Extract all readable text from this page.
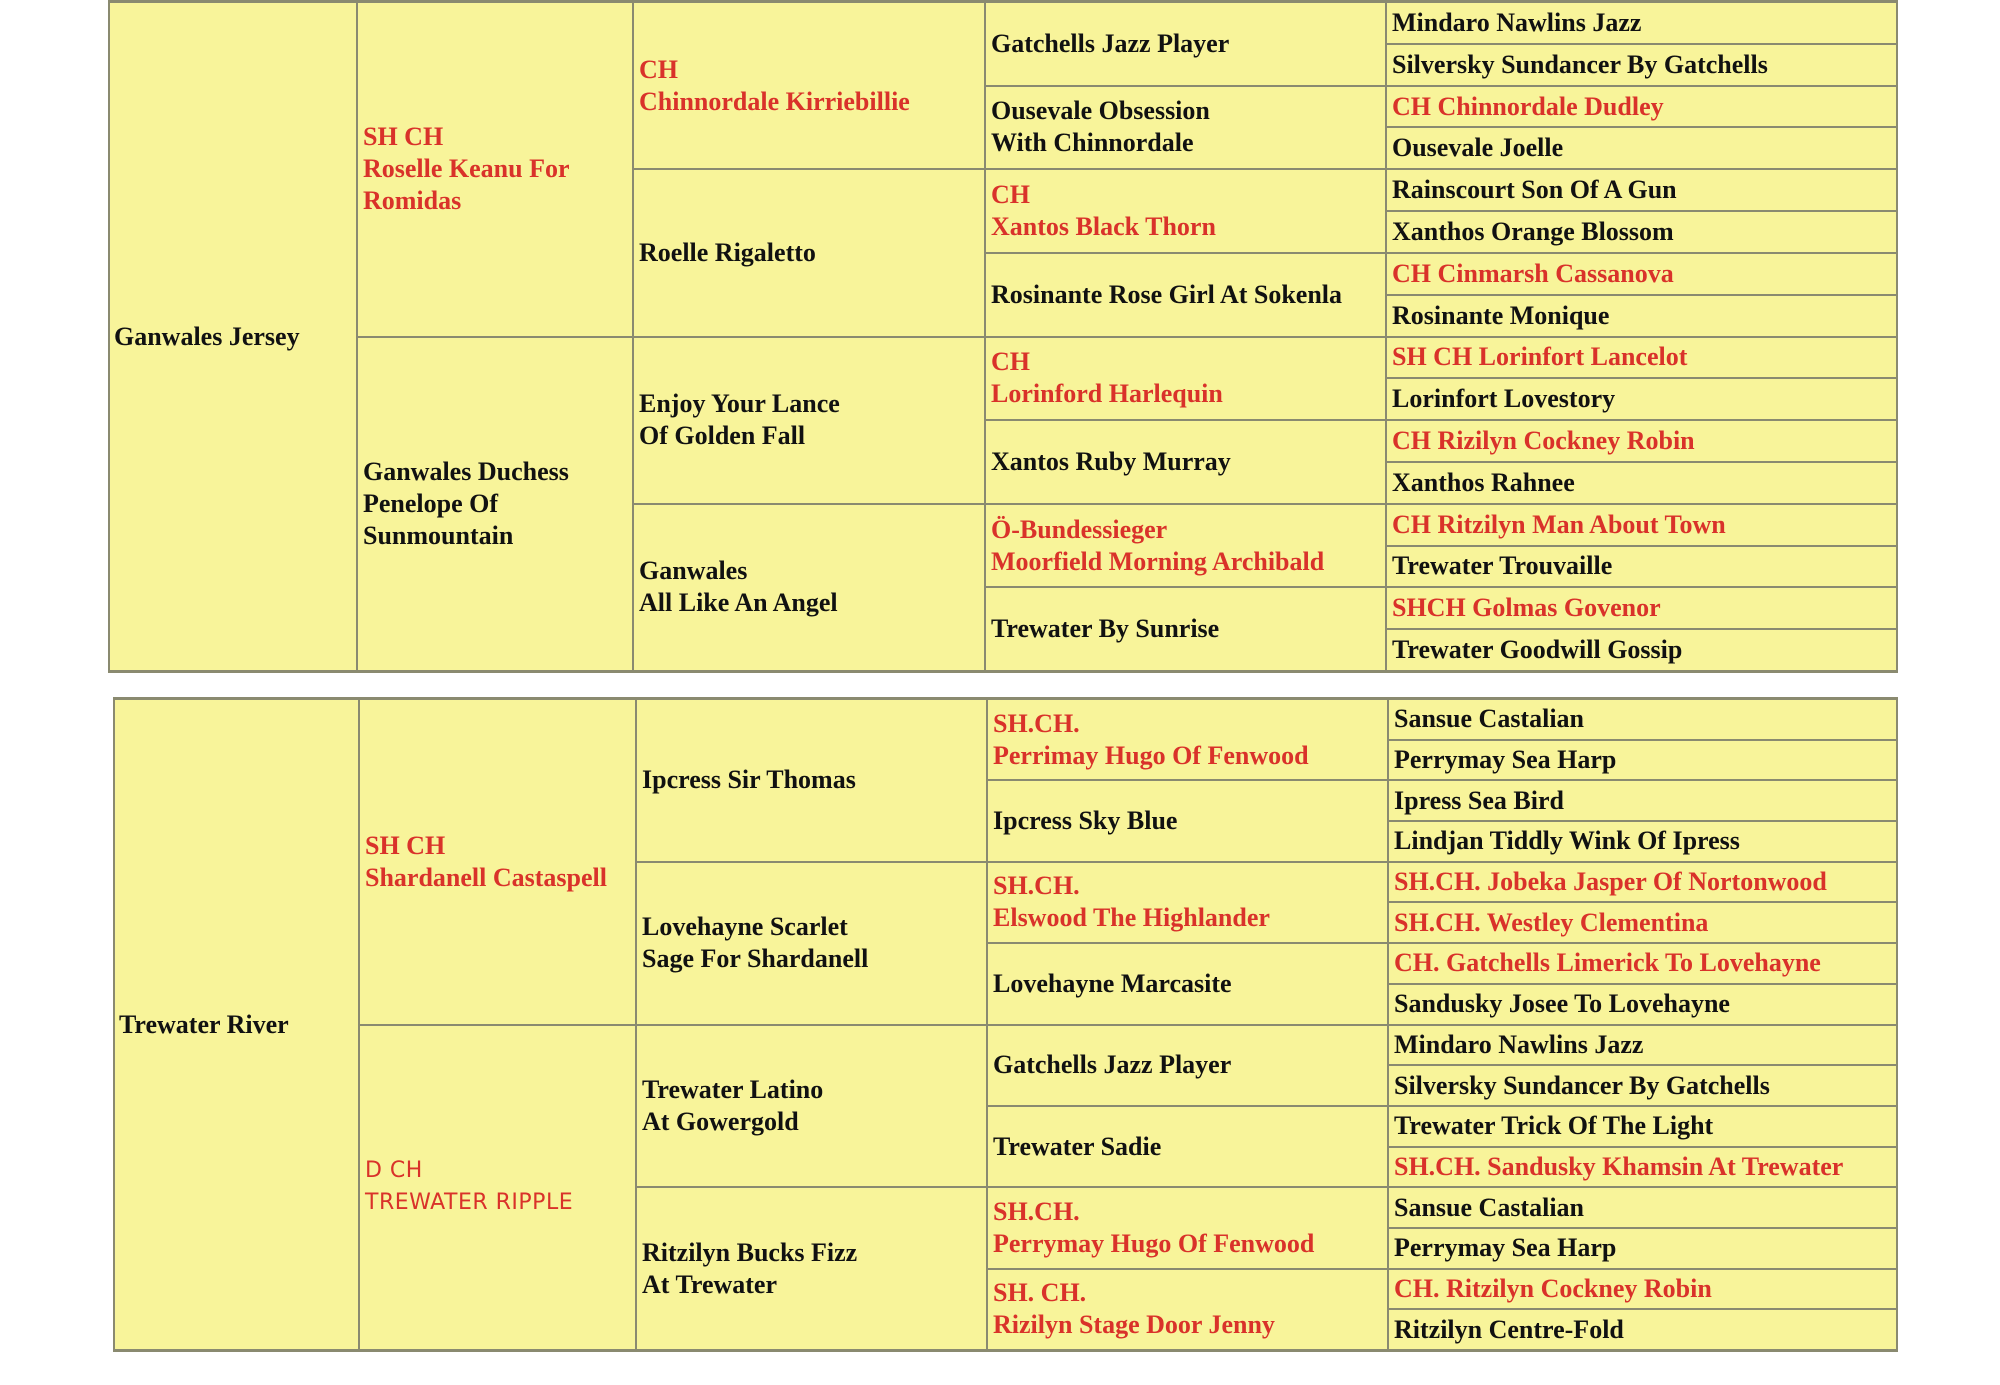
Ganwales Jersey
SH CH
Roselle Keanu For
Romidas
Ganwales Duchess
Penelope Of
Sunmountain
CH
Chinnordale Kirriebillie
Roelle Rigaletto
Enjoy Your Lance
Of Golden Fall
Ganwales
All Like An Angel
Gatchells Jazz Player
Ousevale Obsession
With Chinnordale
CH
Xantos Black Thorn
Rosinante Rose Girl At Sokenla
CH
Lorinford Harlequin
Xantos Ruby Murray
Ö-Bundessieger
Moorfield Morning Archibald
Trewater By Sunrise
Mindaro Nawlins Jazz
Silversky Sundancer By Gatchells
CH Chinnordale Dudley
Ousevale Joelle
Rainscourt Son Of A Gun
Xanthos Orange Blossom
CH Cinmarsh Cassanova
Rosinante Monique
SH CH Lorinfort Lancelot
Lorinfort Lovestory
CH Rizilyn Cockney Robin
Xanthos Rahnee
CH Ritzilyn Man About Town
Trewater Trouvaille
SHCH Golmas Govenor
Trewater Goodwill Gossip
Trewater River
SH CH
Shardanell Castaspell
D CH
TREWATER RIPPLE
Ipcress Sir Thomas
Lovehayne Scarlet
Sage For Shardanell
Trewater Latino
At Gowergold
Ritzilyn Bucks Fizz
At Trewater
SH.CH.
Perrimay Hugo Of Fenwood
Ipcress Sky Blue
SH.CH.
Elswood The Highlander
Lovehayne Marcasite
Gatchells Jazz Player
Trewater Sadie
SH.CH.
Perrymay Hugo Of Fenwood
SH. CH.
Rizilyn Stage Door Jenny
Sansue Castalian
Perrymay Sea Harp
Ipress Sea Bird
Lindjan Tiddly Wink Of Ipress
SH.CH. Jobeka Jasper Of Nortonwood
SH.CH. Westley Clementina
CH. Gatchells Limerick To Lovehayne
Sandusky Josee To Lovehayne
Mindaro Nawlins Jazz
Silversky Sundancer By Gatchells
Trewater Trick Of The Light
SH.CH. Sandusky Khamsin At Trewater
Sansue Castalian
Perrymay Sea Harp
CH. Ritzilyn Cockney Robin
Ritzilyn Centre-Fold
